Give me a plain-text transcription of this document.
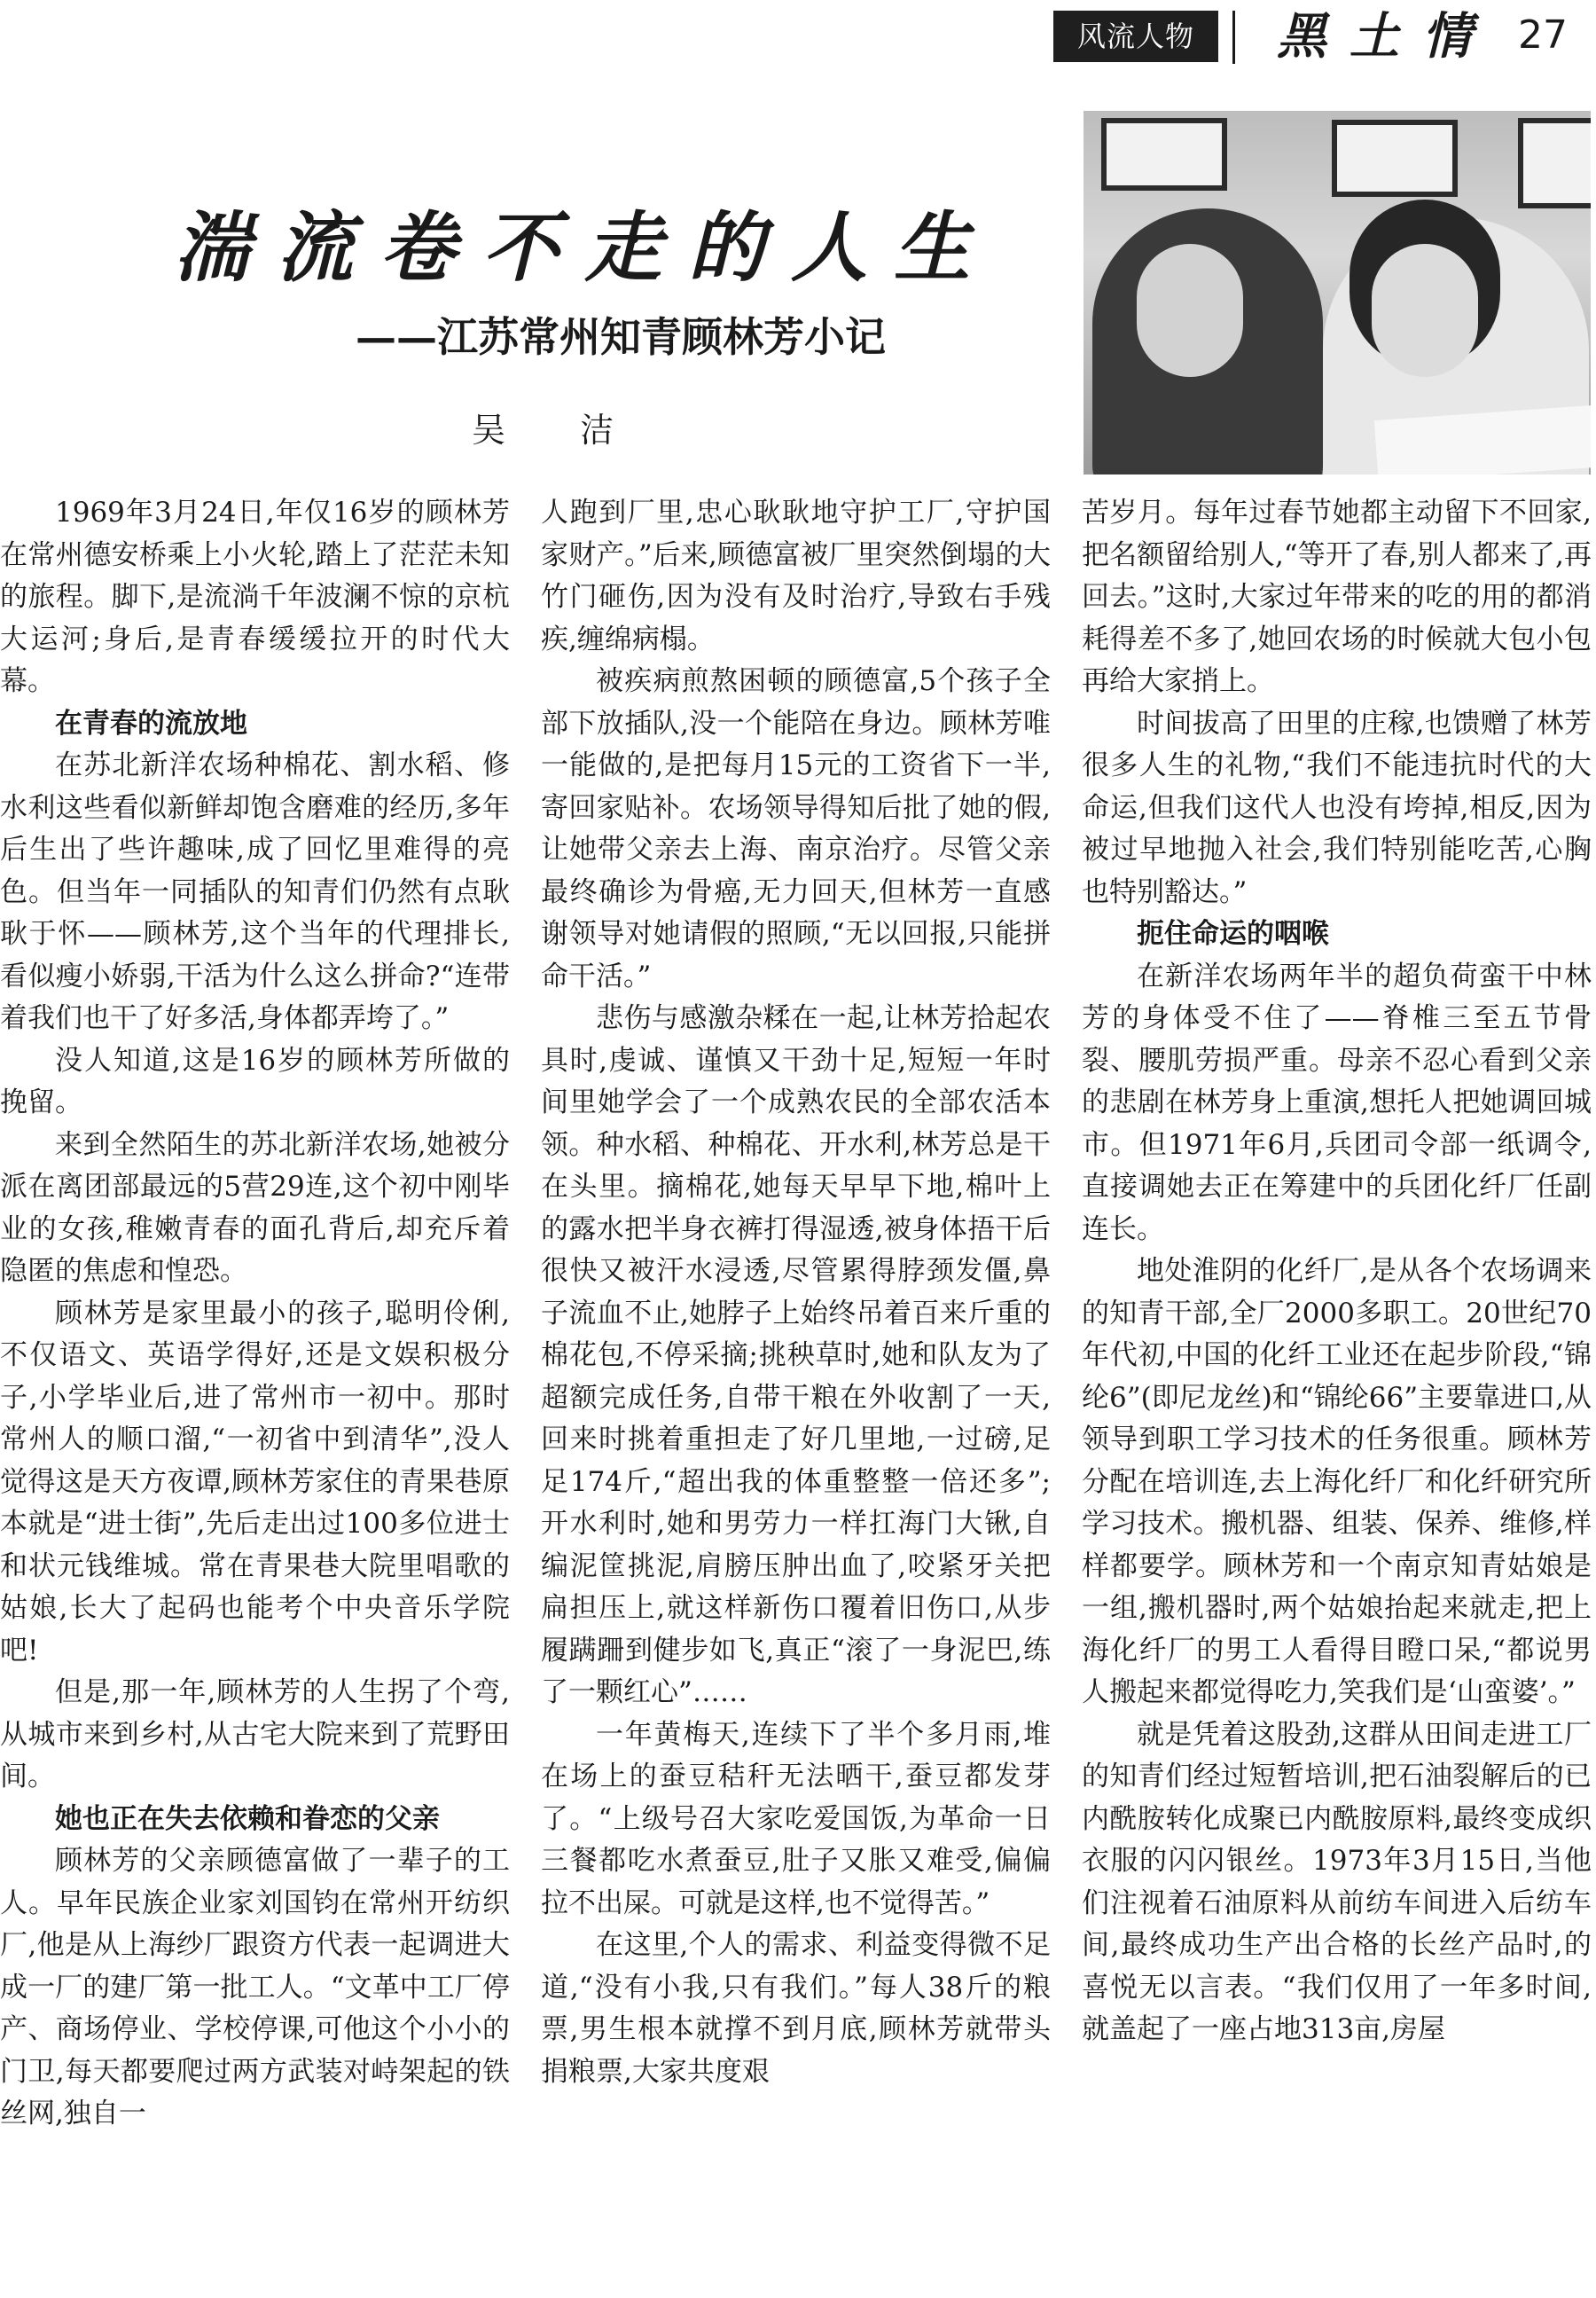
风流人物	黑土情 27
湍流卷不走的人生
——江苏常州知青顾林芳小记
吴 洁

1969年3月24日,年仅16岁的顾林芳在常州德安桥乘上小火轮,踏上了茫茫未知的旅程。脚下,是流淌千年波澜不惊的京杭大运河;身后,是青春缓缓拉开的时代大幕。

在青春的流放地

在苏北新洋农场种棉花、割水稻、修水利这些看似新鲜却饱含磨难的经历,多年后生出了些许趣味,成了回忆里难得的亮色。但当年一同插队的知青们仍然有点耿耿于怀——顾林芳,这个当年的代理排长,看似瘦小娇弱,干活为什么这么拼命?“连带着我们也干了好多活,身体都弄垮了。”

没人知道,这是16岁的顾林芳所做的挽留。

来到全然陌生的苏北新洋农场,她被分派在离团部最远的5营29连,这个初中刚毕业的女孩,稚嫩青春的面孔背后,却充斥着隐匿的焦虑和惶恐。

顾林芳是家里最小的孩子,聪明伶俐,不仅语文、英语学得好,还是文娱积极分子,小学毕业后,进了常州市一初中。那时常州人的顺口溜,“一初省中到清华”,没人觉得这是天方夜谭,顾林芳家住的青果巷原本就是“进士街”,先后走出过100多位进士和状元钱维城。常在青果巷大院里唱歌的姑娘,长大了起码也能考个中央音乐学院吧!

但是,那一年,顾林芳的人生拐了个弯,从城市来到乡村,从古宅大院来到了荒野田间。

她也正在失去依赖和眷恋的父亲

顾林芳的父亲顾德富做了一辈子的工人。早年民族企业家刘国钧在常州开纺织厂,他是从上海纱厂跟资方代表一起调进大成一厂的建厂第一批工人。“文革中工厂停产、商场停业、学校停课,可他这个小小的门卫,每天都要爬过两方武装对峙架起的铁丝网,独自一

人跑到厂里,忠心耿耿地守护工厂,守护国家财产。”后来,顾德富被厂里突然倒塌的大竹门砸伤,因为没有及时治疗,导致右手残疾,缠绵病榻。

被疾病煎熬困顿的顾德富,5个孩子全部下放插队,没一个能陪在身边。顾林芳唯一能做的,是把每月15元的工资省下一半,寄回家贴补。农场领导得知后批了她的假,让她带父亲去上海、南京治疗。尽管父亲最终确诊为骨癌,无力回天,但林芳一直感谢领导对她请假的照顾,“无以回报,只能拼命干活。”

悲伤与感激杂糅在一起,让林芳拾起农具时,虔诚、谨慎又干劲十足,短短一年时间里她学会了一个成熟农民的全部农活本领。种水稻、种棉花、开水利,林芳总是干在头里。摘棉花,她每天早早下地,棉叶上的露水把半身衣裤打得湿透,被身体捂干后很快又被汗水浸透,尽管累得脖颈发僵,鼻子流血不止,她脖子上始终吊着百来斤重的棉花包,不停采摘;挑秧草时,她和队友为了超额完成任务,自带干粮在外收割了一天,回来时挑着重担走了好几里地,一过磅,足足174斤,“超出我的体重整整一倍还多”;开水利时,她和男劳力一样扛海门大锹,自编泥筐挑泥,肩膀压肿出血了,咬紧牙关把扁担压上,就这样新伤口覆着旧伤口,从步履蹒跚到健步如飞,真正“滚了一身泥巴,练了一颗红心”……

一年黄梅天,连续下了半个多月雨,堆在场上的蚕豆秸秆无法晒干,蚕豆都发芽了。“上级号召大家吃爱国饭,为革命一日三餐都吃水煮蚕豆,肚子又胀又难受,偏偏拉不出屎。可就是这样,也不觉得苦。”

在这里,个人的需求、利益变得微不足道,“没有小我,只有我们。”每人38斤的粮票,男生根本就撑不到月底,顾林芳就带头捐粮票,大家共度艰

苦岁月。每年过春节她都主动留下不回家,把名额留给别人,“等开了春,别人都来了,再回去。”这时,大家过年带来的吃的用的都消耗得差不多了,她回农场的时候就大包小包再给大家捎上。

时间拔高了田里的庄稼,也馈赠了林芳很多人生的礼物,“我们不能违抗时代的大命运,但我们这代人也没有垮掉,相反,因为被过早地抛入社会,我们特别能吃苦,心胸也特别豁达。”

扼住命运的咽喉

在新洋农场两年半的超负荷蛮干中林芳的身体受不住了——脊椎三至五节骨裂、腰肌劳损严重。母亲不忍心看到父亲的悲剧在林芳身上重演,想托人把她调回城市。但1971年6月,兵团司令部一纸调令,直接调她去正在筹建中的兵团化纤厂任副连长。

地处淮阴的化纤厂,是从各个农场调来的知青干部,全厂2000多职工。20世纪70年代初,中国的化纤工业还在起步阶段,“锦纶6”(即尼龙丝)和“锦纶66”主要靠进口,从领导到职工学习技术的任务很重。顾林芳分配在培训连,去上海化纤厂和化纤研究所学习技术。搬机器、组装、保养、维修,样样都要学。顾林芳和一个南京知青姑娘是一组,搬机器时,两个姑娘抬起来就走,把上海化纤厂的男工人看得目瞪口呆,“都说男人搬起来都觉得吃力,笑我们是‘山蛮婆’。”

就是凭着这股劲,这群从田间走进工厂的知青们经过短暂培训,把石油裂解后的已内酰胺转化成聚已内酰胺原料,最终变成织衣服的闪闪银丝。1973年3月15日,当他们注视着石油原料从前纺车间进入后纺车间,最终成功生产出合格的长丝产品时,的喜悦无以言表。“我们仅用了一年多时间,就盖起了一座占地313亩,房屋
